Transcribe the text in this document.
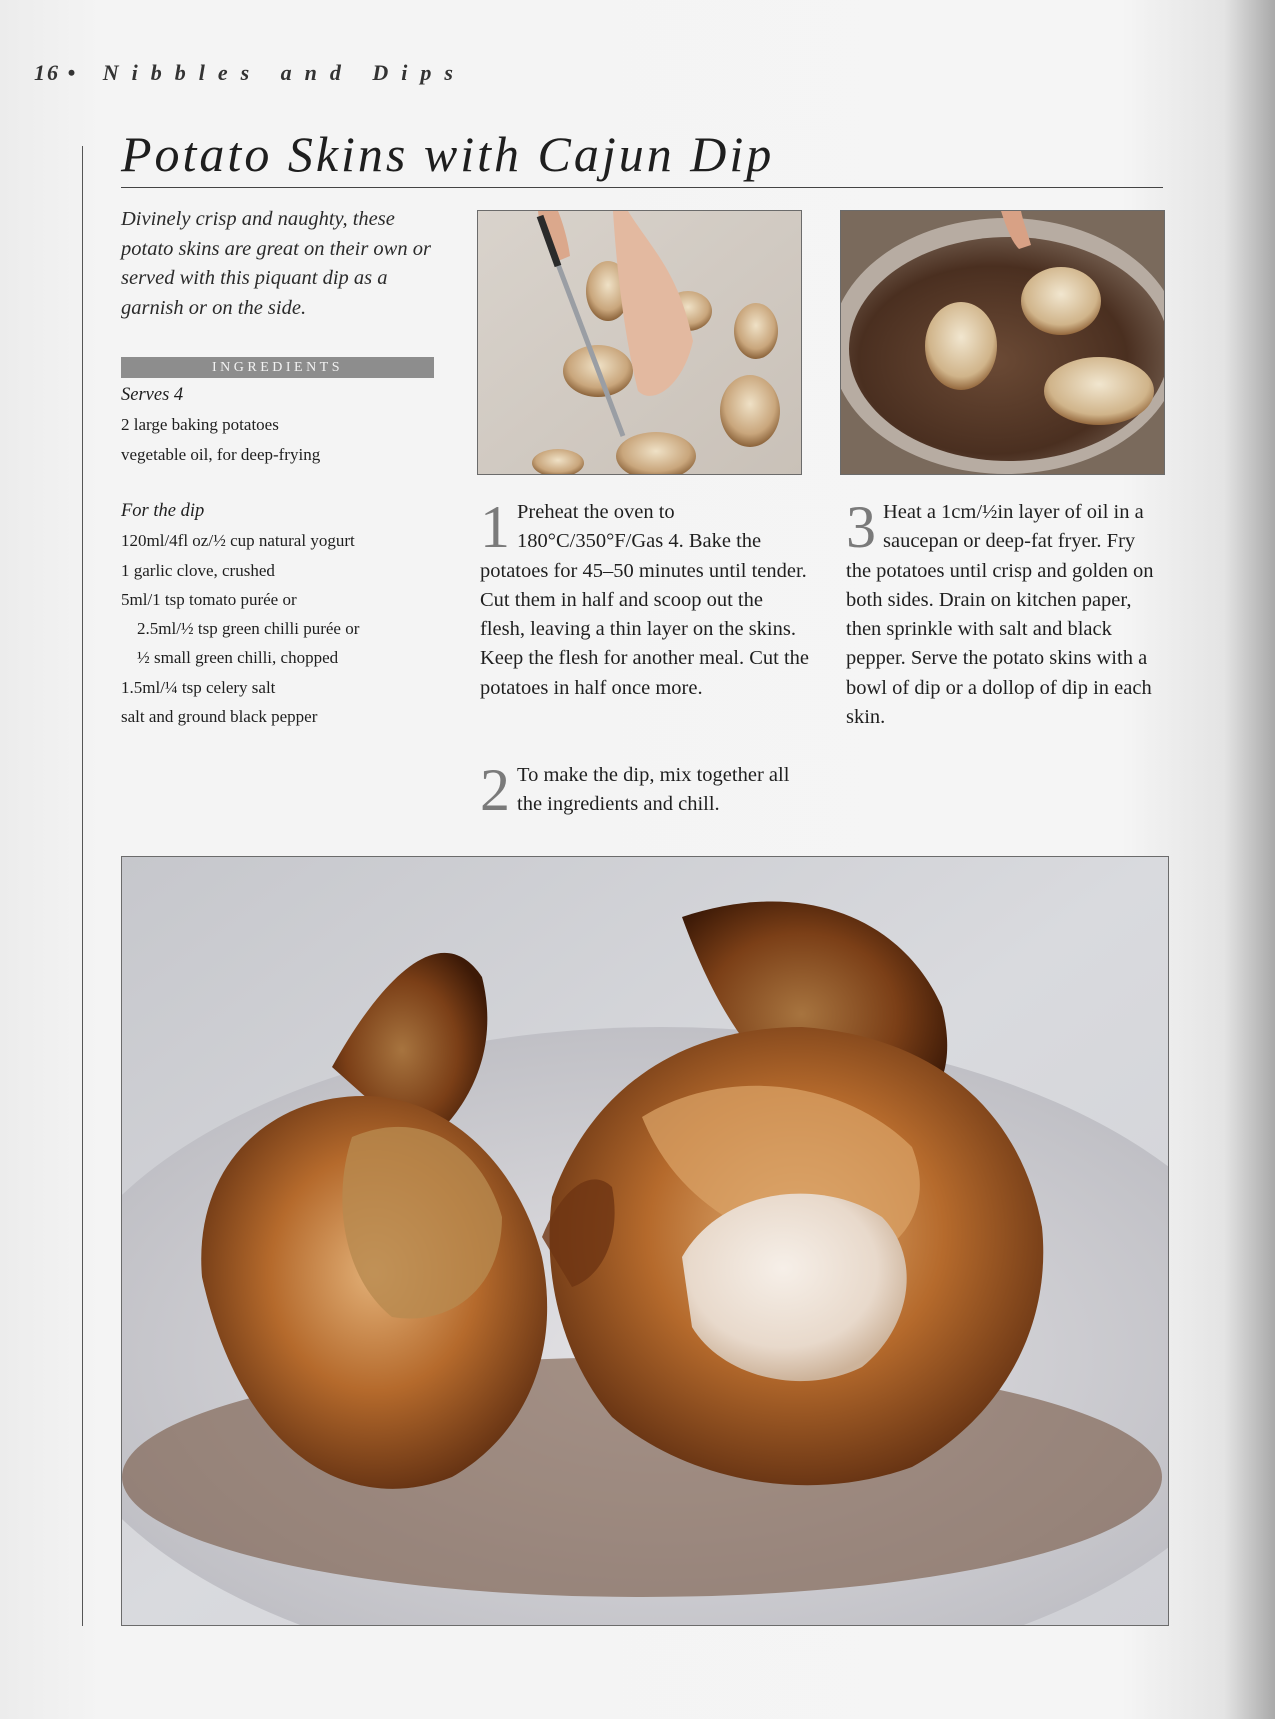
16 • Nibbles and Dips
Potato Skins with Cajun Dip
Divinely crisp and naughty, these potato skins are great on their own or served with this piquant dip as a garnish or on the side.
INGREDIENTS
Serves 4
2 large baking potatoes
vegetable oil, for deep-frying
For the dip
120ml/4fl oz/½ cup natural yogurt
1 garlic clove, crushed
5ml/1 tsp tomato purée or
2.5ml/½ tsp green chilli purée or
½ small green chilli, chopped
1.5ml/¼ tsp celery salt
salt and ground black pepper
1 Preheat the oven to 180°C/350°F/Gas 4. Bake the potatoes for 45–50 minutes until tender. Cut them in half and scoop out the flesh, leaving a thin layer on the skins. Keep the flesh for another meal. Cut the potatoes in half once more.
2 To make the dip, mix together all the ingredients and chill.
3 Heat a 1cm/½in layer of oil in a saucepan or deep-fat fryer. Fry the potatoes until crisp and golden on both sides. Drain on kitchen paper, then sprinkle with salt and black pepper. Serve the potato skins with a bowl of dip or a dollop of dip in each skin.
